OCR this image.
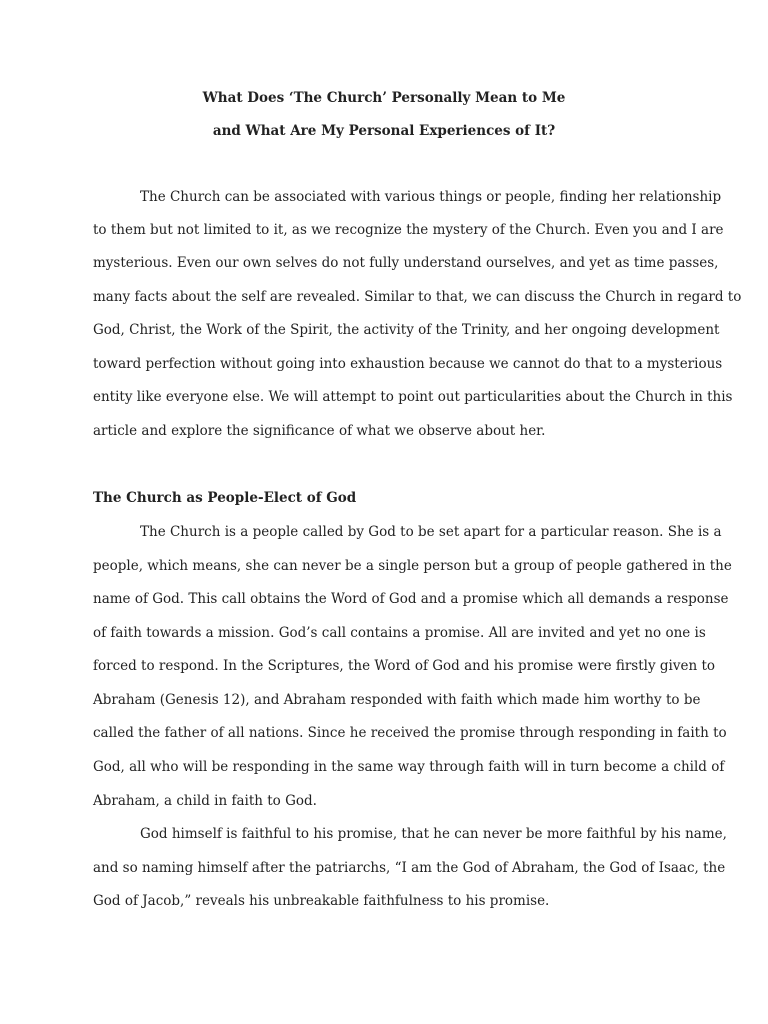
What Does ‘The Church’ Personally Mean to Me
and What Are My Personal Experiences of It?
The Church can be associated with various things or people, finding her relationship
to them but not limited to it, as we recognize the mystery of the Church. Even you and I are
mysterious. Even our own selves do not fully understand ourselves, and yet as time passes,
many facts about the self are revealed. Similar to that, we can discuss the Church in regard to
God, Christ, the Work of the Spirit, the activity of the Trinity, and her ongoing development
toward perfection without going into exhaustion because we cannot do that to a mysterious
entity like everyone else. We will attempt to point out particularities about the Church in this
article and explore the significance of what we observe about her.
The Church as People-Elect of God
The Church is a people called by God to be set apart for a particular reason. She is a
people, which means, she can never be a single person but a group of people gathered in the
name of God. This call obtains the Word of God and a promise which all demands a response
of faith towards a mission. God’s call contains a promise. All are invited and yet no one is
forced to respond. In the Scriptures, the Word of God and his promise were firstly given to
Abraham (Genesis 12), and Abraham responded with faith which made him worthy to be
called the father of all nations. Since he received the promise through responding in faith to
God, all who will be responding in the same way through faith will in turn become a child of
Abraham, a child in faith to God.
God himself is faithful to his promise, that he can never be more faithful by his name,
and so naming himself after the patriarchs, “I am the God of Abraham, the God of Isaac, the
God of Jacob,” reveals his unbreakable faithfulness to his promise.
